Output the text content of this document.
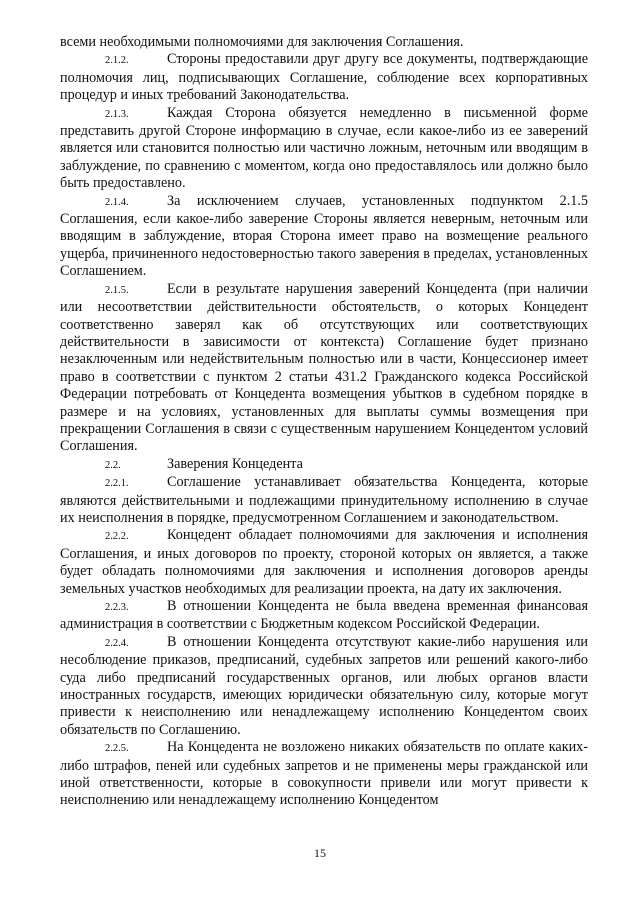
всеми необходимыми полномочиями для заключения Соглашения.

2.1.2.	Стороны предоставили друг другу все документы, подтверждающие полномочия лиц, подписывающих Соглашение, соблюдение всех корпоративных процедур и иных требований Законодательства.

2.1.3.	Каждая Сторона обязуется немедленно в письменной форме представить другой Стороне информацию в случае, если какое-либо из ее заверений является или становится полностью или частично ложным, неточным или вводящим в заблуждение, по сравнению с моментом, когда оно предоставлялось или должно было быть предоставлено.

2.1.4.	За исключением случаев, установленных подпунктом 2.1.5 Соглашения, если какое-либо заверение Стороны является неверным, неточным или вводящим в заблуждение, вторая Сторона имеет право на возмещение реального ущерба, причиненного недостоверностью такого заверения в пределах, установленных Соглашением.

2.1.5.	Если в результате нарушения заверений Концедента (при наличии или несоответствии действительности обстоятельств, о которых Концедент соответственно заверял как об отсутствующих или соответствующих действительности в зависимости от контекста) Соглашение будет признано незаключенным или недействительным полностью или в части, Концессионер имеет право в соответствии с пунктом 2 статьи 431.2 Гражданского кодекса Российской Федерации потребовать от Концедента возмещения убытков в судебном порядке в размере и на условиях, установленных для выплаты суммы возмещения при прекращении Соглашения в связи с существенным нарушением Концедентом условий Соглашения.

2.2.	Заверения Концедента

2.2.1.	Соглашение устанавливает обязательства Концедента, которые являются действительными и подлежащими принудительному исполнению в случае их неисполнения в порядке, предусмотренном Соглашением и законодательством.

2.2.2.	Концедент обладает полномочиями для заключения и исполнения Соглашения, и иных договоров по проекту, стороной которых он является, а также будет обладать полномочиями для заключения и исполнения договоров аренды земельных участков необходимых для реализации проекта, на дату их заключения.

2.2.3.	В отношении Концедента не была введена временная финансовая администрация в соответствии с Бюджетным кодексом Российской Федерации.

2.2.4.	В отношении Концедента отсутствуют какие-либо нарушения или несоблюдение приказов, предписаний, судебных запретов или решений какого-либо суда либо предписаний государственных органов, или любых органов власти иностранных государств, имеющих юридически обязательную силу, которые могут привести к неисполнению или ненадлежащему исполнению Концедентом своих обязательств по Соглашению.

2.2.5.	На Концедента не возложено никаких обязательств по оплате каких-либо штрафов, пеней или судебных запретов и не применены меры гражданской или иной ответственности, которые в совокупности привели или могут привести к неисполнению или ненадлежащему исполнению Концедентом

15
